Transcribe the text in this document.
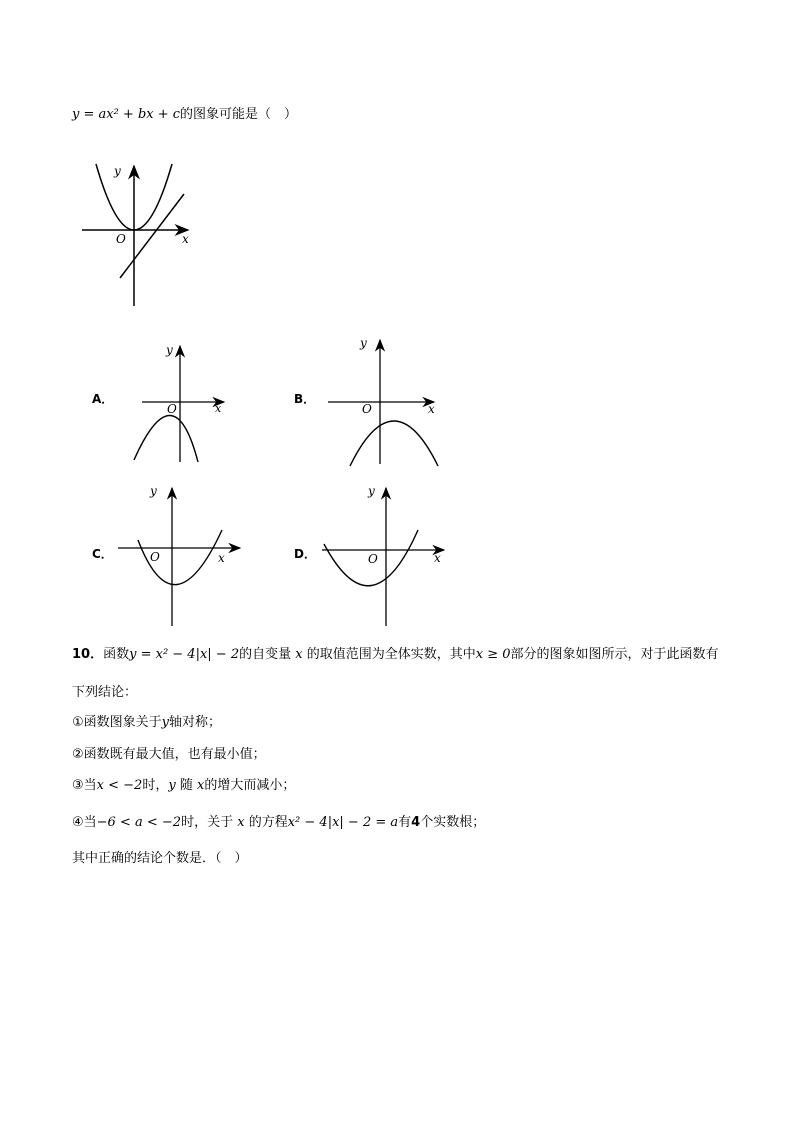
y = ax² + bx + c的图象可能是（　）
y
x
O
A．
y
x
O
B．
y
x
O
C．
y
x
O	D．
y
x
O
10．函数y = x² − 4|x| − 2的自变量 x 的取值范围为全体实数，其中x ≥ 0部分的图象如图所示，对于此函数有
下列结论：
①函数图象关于y轴对称；
②函数既有最大值，也有最小值；
③当x < −2时，y 随 x的增大而减小；
④当−6 < a < −2时，关于 x 的方程x² − 4|x| − 2 = a有4个实数根；
其中正确的结论个数是．（　）
